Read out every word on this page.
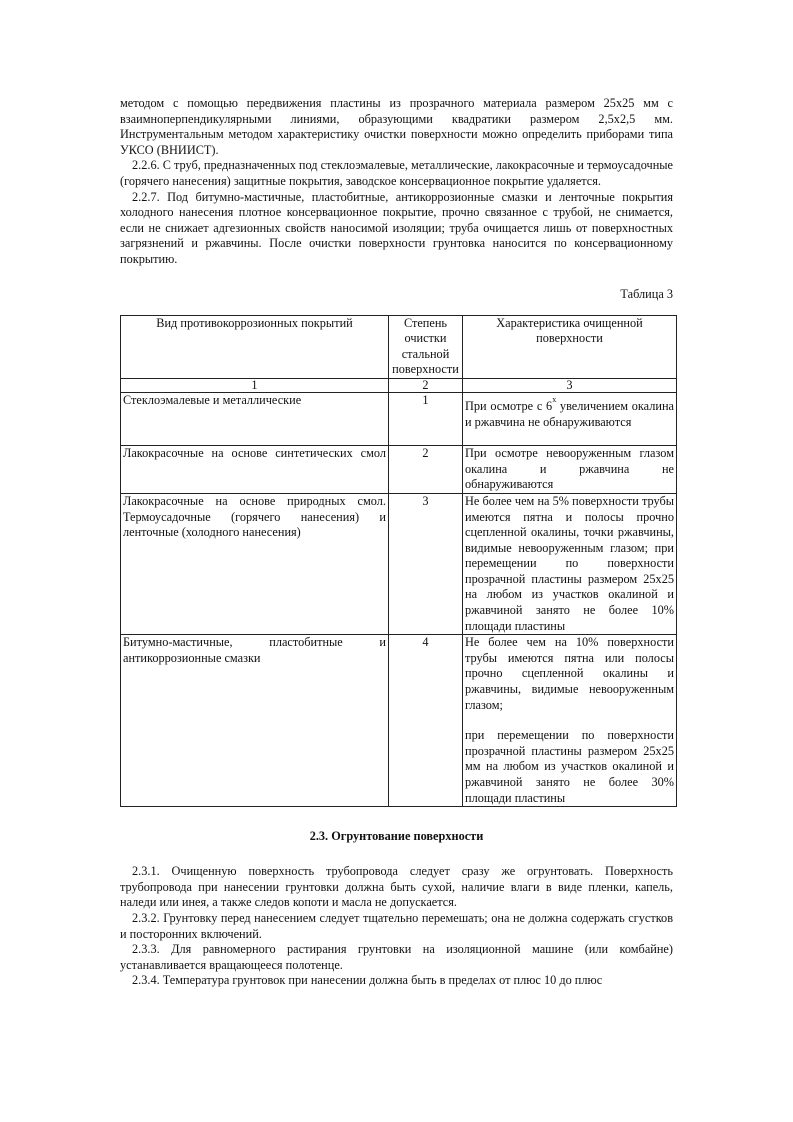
методом с помощью передвижения пластины из прозрачного материала размером 25х25 мм с взаимноперпендикулярными линиями, образующими квадратики размером 2,5х2,5 мм. Инструментальным методом характеристику очистки поверхности можно определить приборами типа УКСО (ВНИИСТ).

2.2.6. С труб, предназначенных под стеклоэмалевые, металлические, лакокрасочные и термоусадочные (горячего нанесения) защитные покрытия, заводское консервационное покрытие удаляется.

2.2.7. Под битумно-мастичные, пластобитные, антикоррозионные смазки и ленточные покрытия холодного нанесения плотное консервационное покрытие, прочно связанное с трубой, не снимается, если не снижает адгезионных свойств наносимой изоляции; труба очищается лишь от поверхностных загрязнений и ржавчины. После очистки поверхности грунтовка наносится по консервационному покрытию.

Таблица 3
Вид противокоррозионных покрытий	Степень очистки стальной поверхности	Характеристика очищенной поверхности
1	2	3
Стеклоэмалевые и металлические	1	При осмотре с 6$^x$ увеличением окалина и ржавчина не обнаруживаются

Лакокрасочные на основе синтетических смол	2	При осмотре невооруженным глазом окалина и ржавчина не обнаруживаются
Лакокрасочные на основе природных смол. Термоусадочные (горячего нанесения) и ленточные (холодного нанесения)	3	Не более чем на 5% поверхности трубы имеются пятна и полосы прочно сцепленной окалины, точки ржавчины, видимые невооруженным глазом; при перемещении по поверхности прозрачной пластины размером 25х25 на любом из участков окалиной и ржавчиной занято не более 10% площади пластины
Битумно-мастичные, пластобитные и антикоррозионные смазки	4	Не более чем на 10% поверхности трубы имеются пятна или полосы прочно сцепленной окалины и ржавчины, видимые невооруженным глазом;
при перемещении по поверхности прозрачной пластины размером 25х25 мм на любом из участков окалиной и ржавчиной занято не более 30% площади пластины
2.3. Огрунтование поверхности

2.3.1. Очищенную поверхность трубопровода следует сразу же огрунтовать. Поверхность трубопровода при нанесении грунтовки должна быть сухой, наличие влаги в виде пленки, капель, наледи или инея, а также следов копоти и масла не допускается.

2.3.2. Грунтовку перед нанесением следует тщательно перемешать; она не должна содержать сгустков и посторонних включений.

2.3.3. Для равномерного растирания грунтовки на изоляционной машине (или комбайне) устанавливается вращающееся полотенце.

2.3.4. Температура грунтовок при нанесении должна быть в пределах от плюс 10 до плюс
